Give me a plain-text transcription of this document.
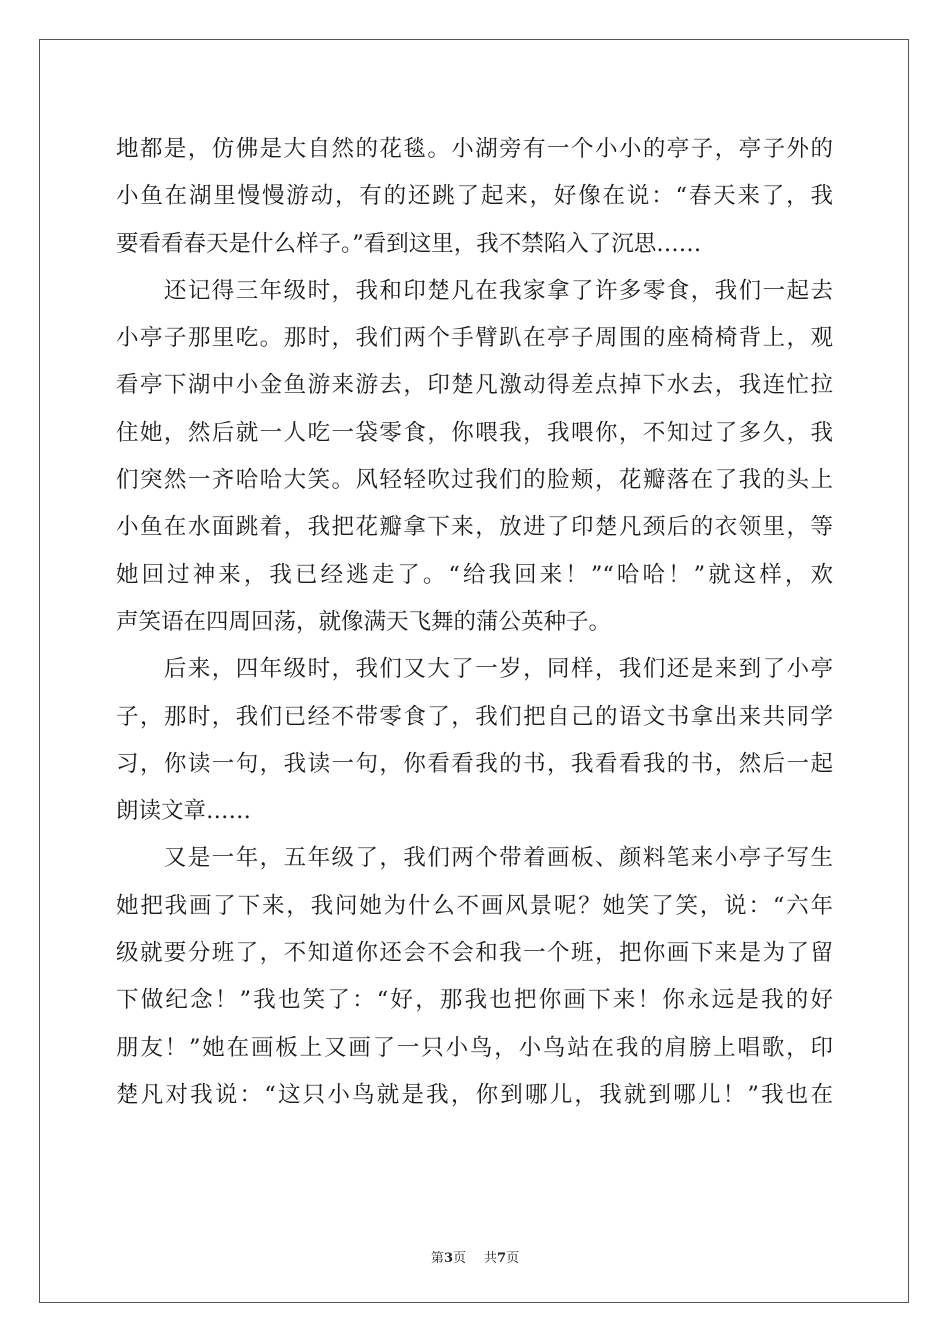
地都是，仿佛是大自然的花毯。小湖旁有一个小小的亭子，亭子外的
小鱼在湖里慢慢游动，有的还跳了起来，好像在说：“春天来了，我
要看看春天是什么样子。”看到这里，我不禁陷入了沉思……
　　还记得三年级时，我和印楚凡在我家拿了许多零食，我们一起去
小亭子那里吃。那时，我们两个手臂趴在亭子周围的座椅椅背上，观
看亭下湖中小金鱼游来游去，印楚凡激动得差点掉下水去，我连忙拉
住她，然后就一人吃一袋零食，你喂我，我喂你，不知过了多久，我
们突然一齐哈哈大笑。风轻轻吹过我们的脸颊，花瓣落在了我的头上
小鱼在水面跳着，我把花瓣拿下来，放进了印楚凡颈后的衣领里，等
她回过神来，我已经逃走了。“给我回来！”“哈哈！”就这样，欢
声笑语在四周回荡，就像满天飞舞的蒲公英种子。
　　后来，四年级时，我们又大了一岁，同样，我们还是来到了小亭
子，那时，我们已经不带零食了，我们把自己的语文书拿出来共同学
习，你读一句，我读一句，你看看我的书，我看看我的书，然后一起
朗读文章……
　　又是一年，五年级了，我们两个带着画板、颜料笔来小亭子写生
她把我画了下来，我问她为什么不画风景呢？她笑了笑，说：“六年
级就要分班了，不知道你还会不会和我一个班，把你画下来是为了留
下做纪念！”我也笑了：“好，那我也把你画下来！你永远是我的好
朋友！”她在画板上又画了一只小鸟，小鸟站在我的肩膀上唱歌，印
楚凡对我说：“这只小鸟就是我，你到哪儿，我就到哪儿！”我也在
第3页 共7页
